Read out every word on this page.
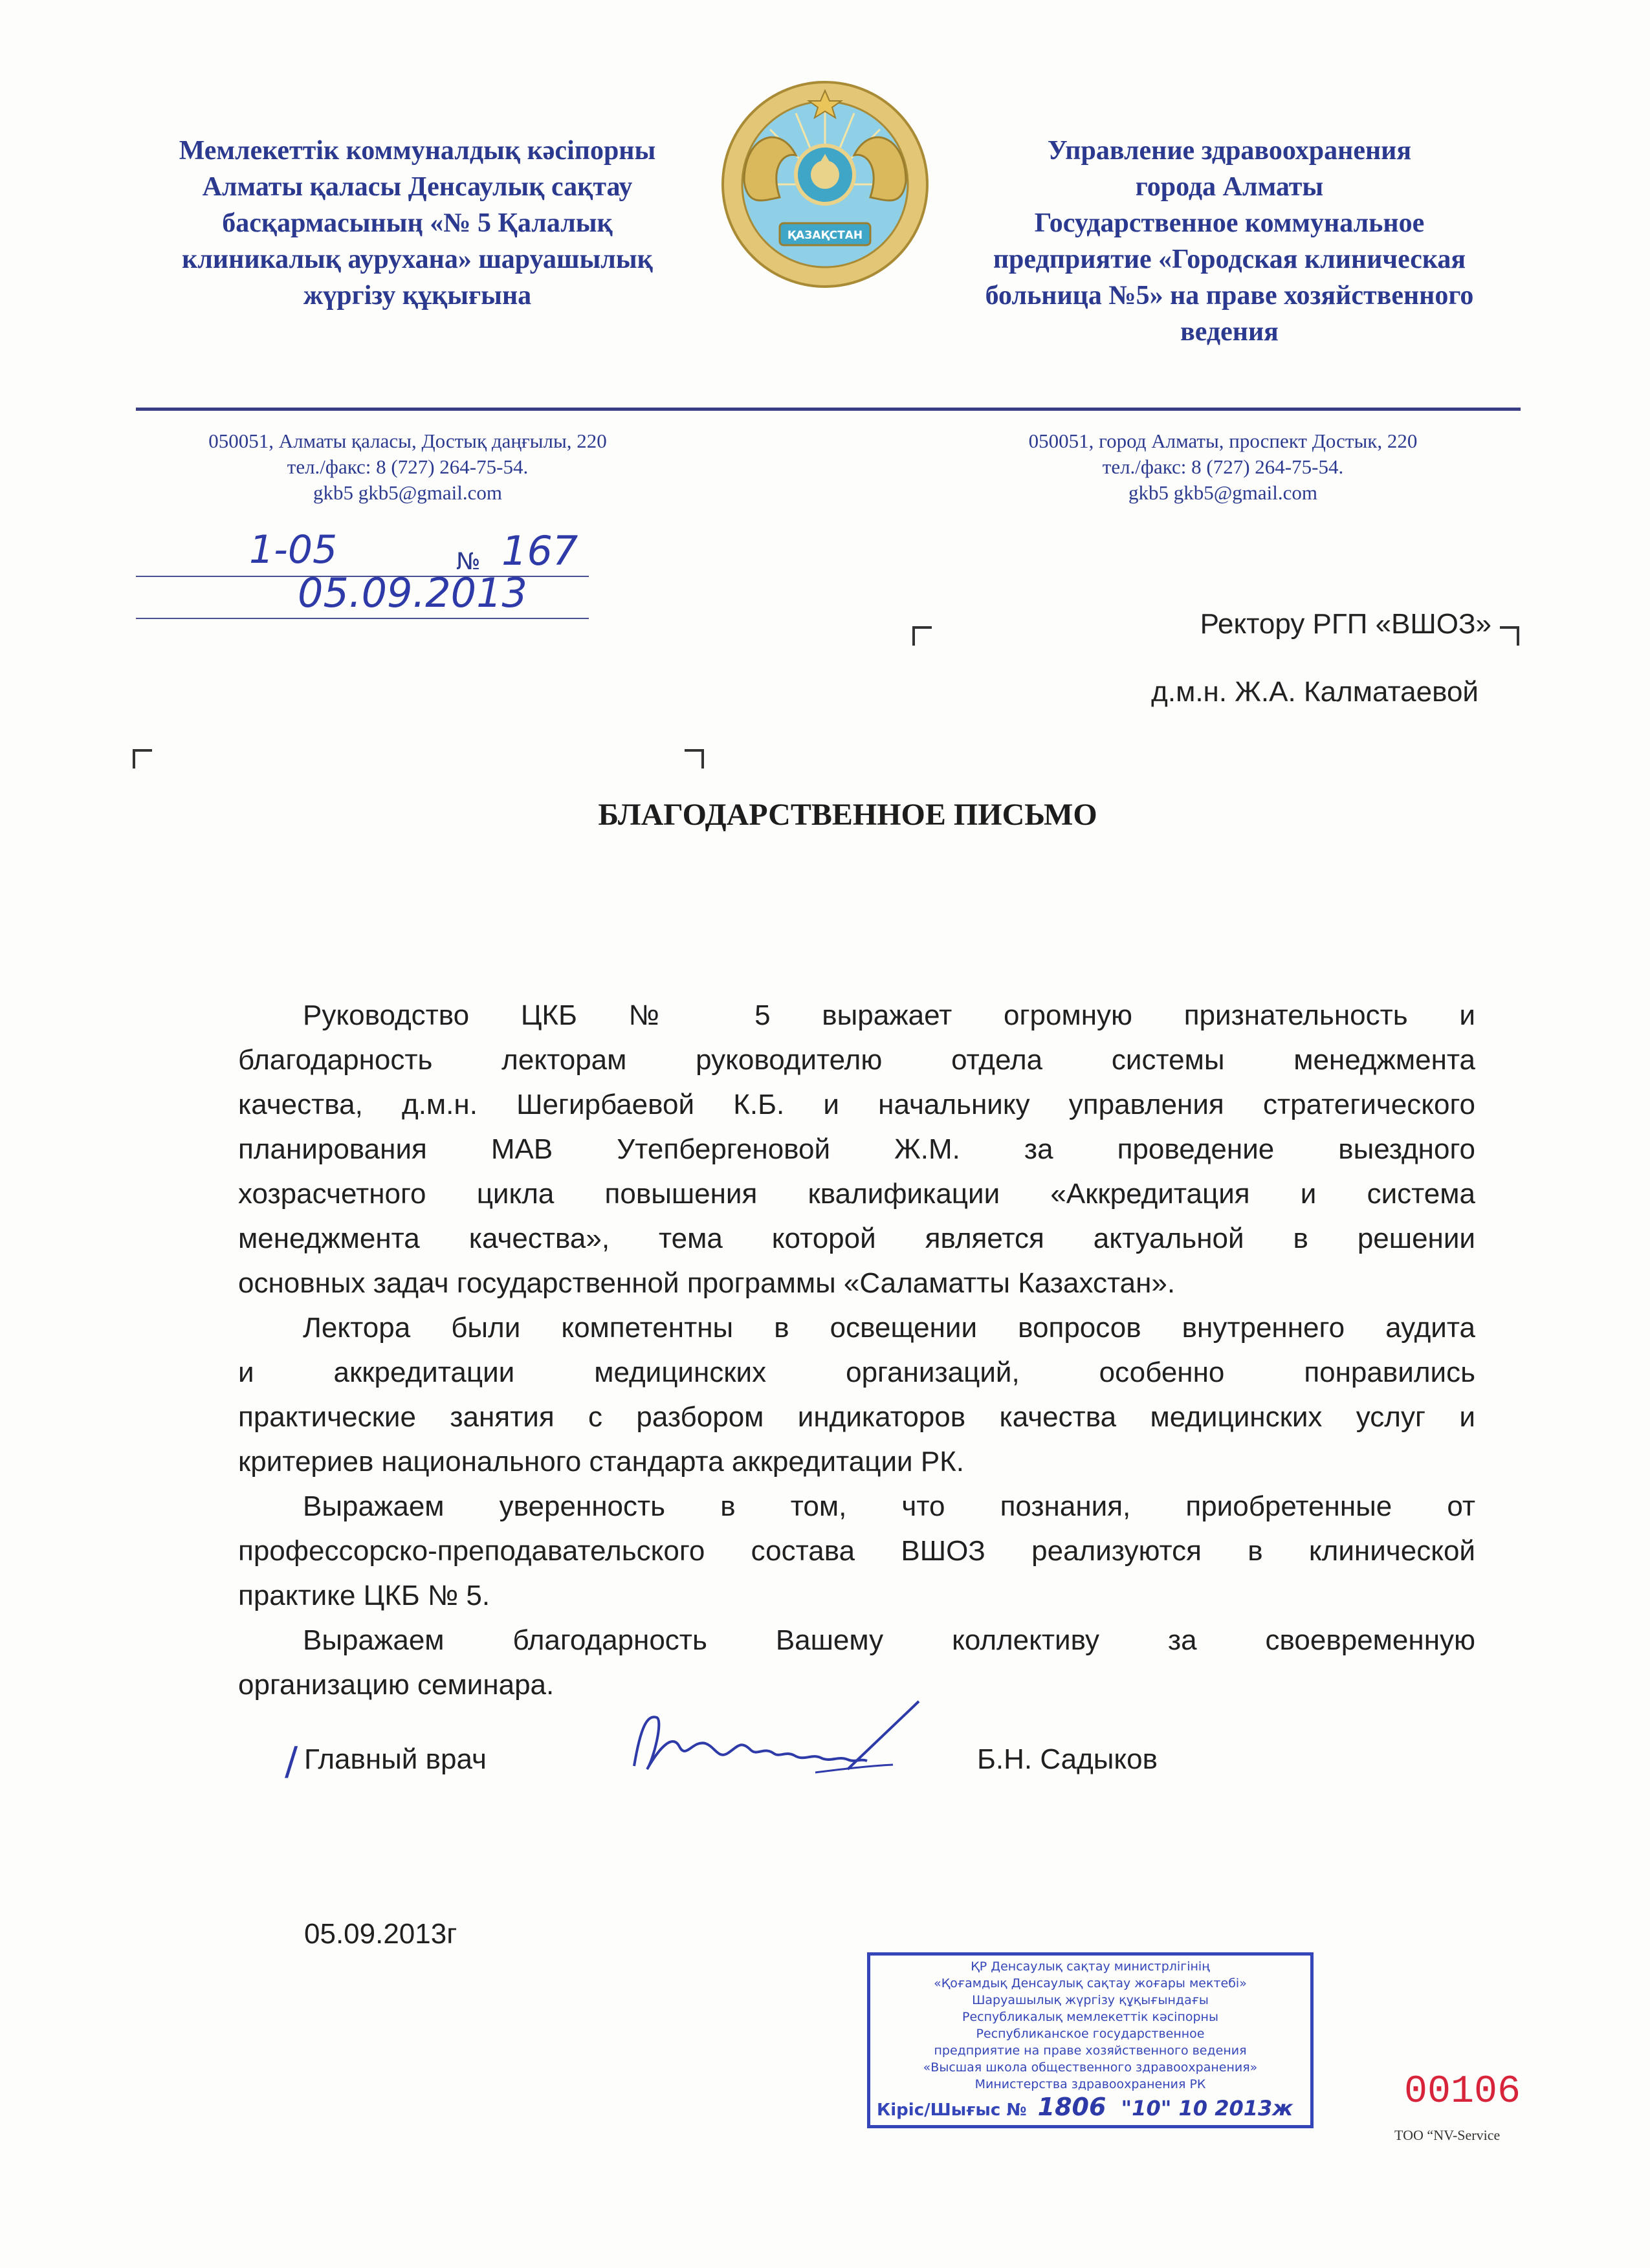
Мемлекеттік коммуналдық кәсіпорны
Алматы қаласы Денсаулық сақтау
басқармасының «№ 5 Қалалық
клиникалық аурухана» шаруашылық
жүргізу құқығына
ҚАЗАҚСТАН
Управление здравоохранения
города Алматы
Государственное коммунальное
предприятие «Городская клиническая
больница №5» на праве хозяйственного
ведения
050051, Алматы қаласы, Достық даңғылы, 220
тел./факс: 8 (727) 264-75-54.
gkb5 gkb5@gmail.com
050051, город Алматы, проспект Достык, 220
тел./факс: 8 (727) 264-75-54.
gkb5 gkb5@gmail.com
1-05	№ 167
05.09.2013
Ректору РГП «ВШОЗ»
д.м.н. Ж.А. Калматаевой
БЛАГОДАРСТВЕННОЕ ПИСЬМО
Руководство ЦКБ № 5 выражает огромную признательность и
благодарность лекторам руководителю отдела системы менеджмента
качества, д.м.н. Шегирбаевой К.Б. и начальнику управления стратегического
планирования МАВ Утепбергеновой Ж.М. за проведение выездного
хозрасчетного цикла повышения квалификации «Аккредитация и система
менеджмента качества», тема которой является актуальной в решении
основных задач государственной программы «Саламатты Казахстан».
Лектора были компетентны в освещении вопросов внутреннего аудита
и аккредитации медицинских организаций, особенно понравились
практические занятия с разбором индикаторов качества медицинских услуг и
критериев национального стандарта аккредитации РК.
Выражаем уверенность в том, что познания, приобретенные от
профессорско-преподавательского состава ВШОЗ реализуются в клинической
практике ЦКБ № 5.
Выражаем благодарность Вашему коллективу за своевременную
организацию семинара.
/ Главный врач	Б.Н. Садыков
05.09.2013г
ҚР Денсаулық сақтау министрлігінің
«Қоғамдық Денсаулық сақтау жоғары мектебі»
Шаруашылық жүргізу құқығындағы
Республикалық мемлекеттік кәсіпорны
Республиканское государственное
предприятие на праве хозяйственного ведения
«Высшая школа общественного здравоохранения»
Министерства здравоохранения РК
Кіріс/Шығыс № 1806 "10" 10 2013ж	00106
ТОО “NV-Service
